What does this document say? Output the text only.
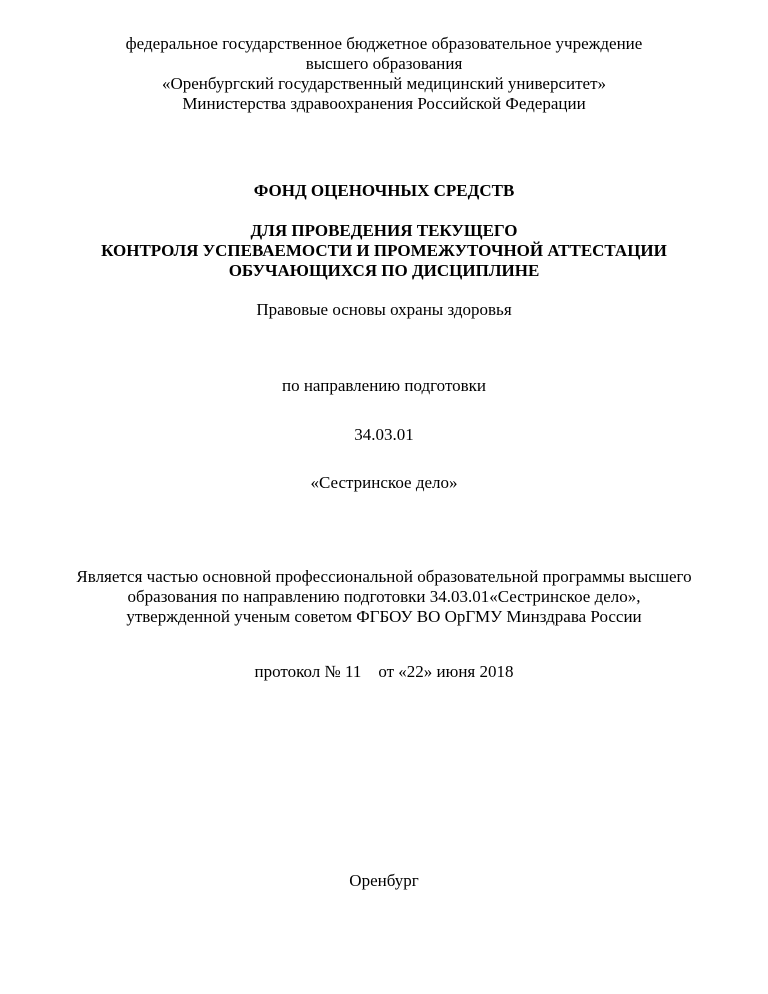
федеральное государственное бюджетное образовательное учреждение
высшего образования
«Оренбургский государственный медицинский университет»
Министерства здравоохранения Российской Федерации
ФОНД ОЦЕНОЧНЫХ СРЕДСТВ
ДЛЯ ПРОВЕДЕНИЯ ТЕКУЩЕГО
КОНТРОЛЯ УСПЕВАЕМОСТИ И ПРОМЕЖУТОЧНОЙ АТТЕСТАЦИИ
ОБУЧАЮЩИХСЯ ПО ДИСЦИПЛИНЕ
Правовые основы охраны здоровья
по направлению подготовки
34.03.01
«Сестринское дело»
Является частью основной профессиональной образовательной программы высшего
образования по направлению подготовки 34.03.01«Сестринское дело»,
утвержденной ученым советом ФГБОУ ВО ОрГМУ Минздрава России
протокол № 11    от «22» июня 2018
Оренбург
